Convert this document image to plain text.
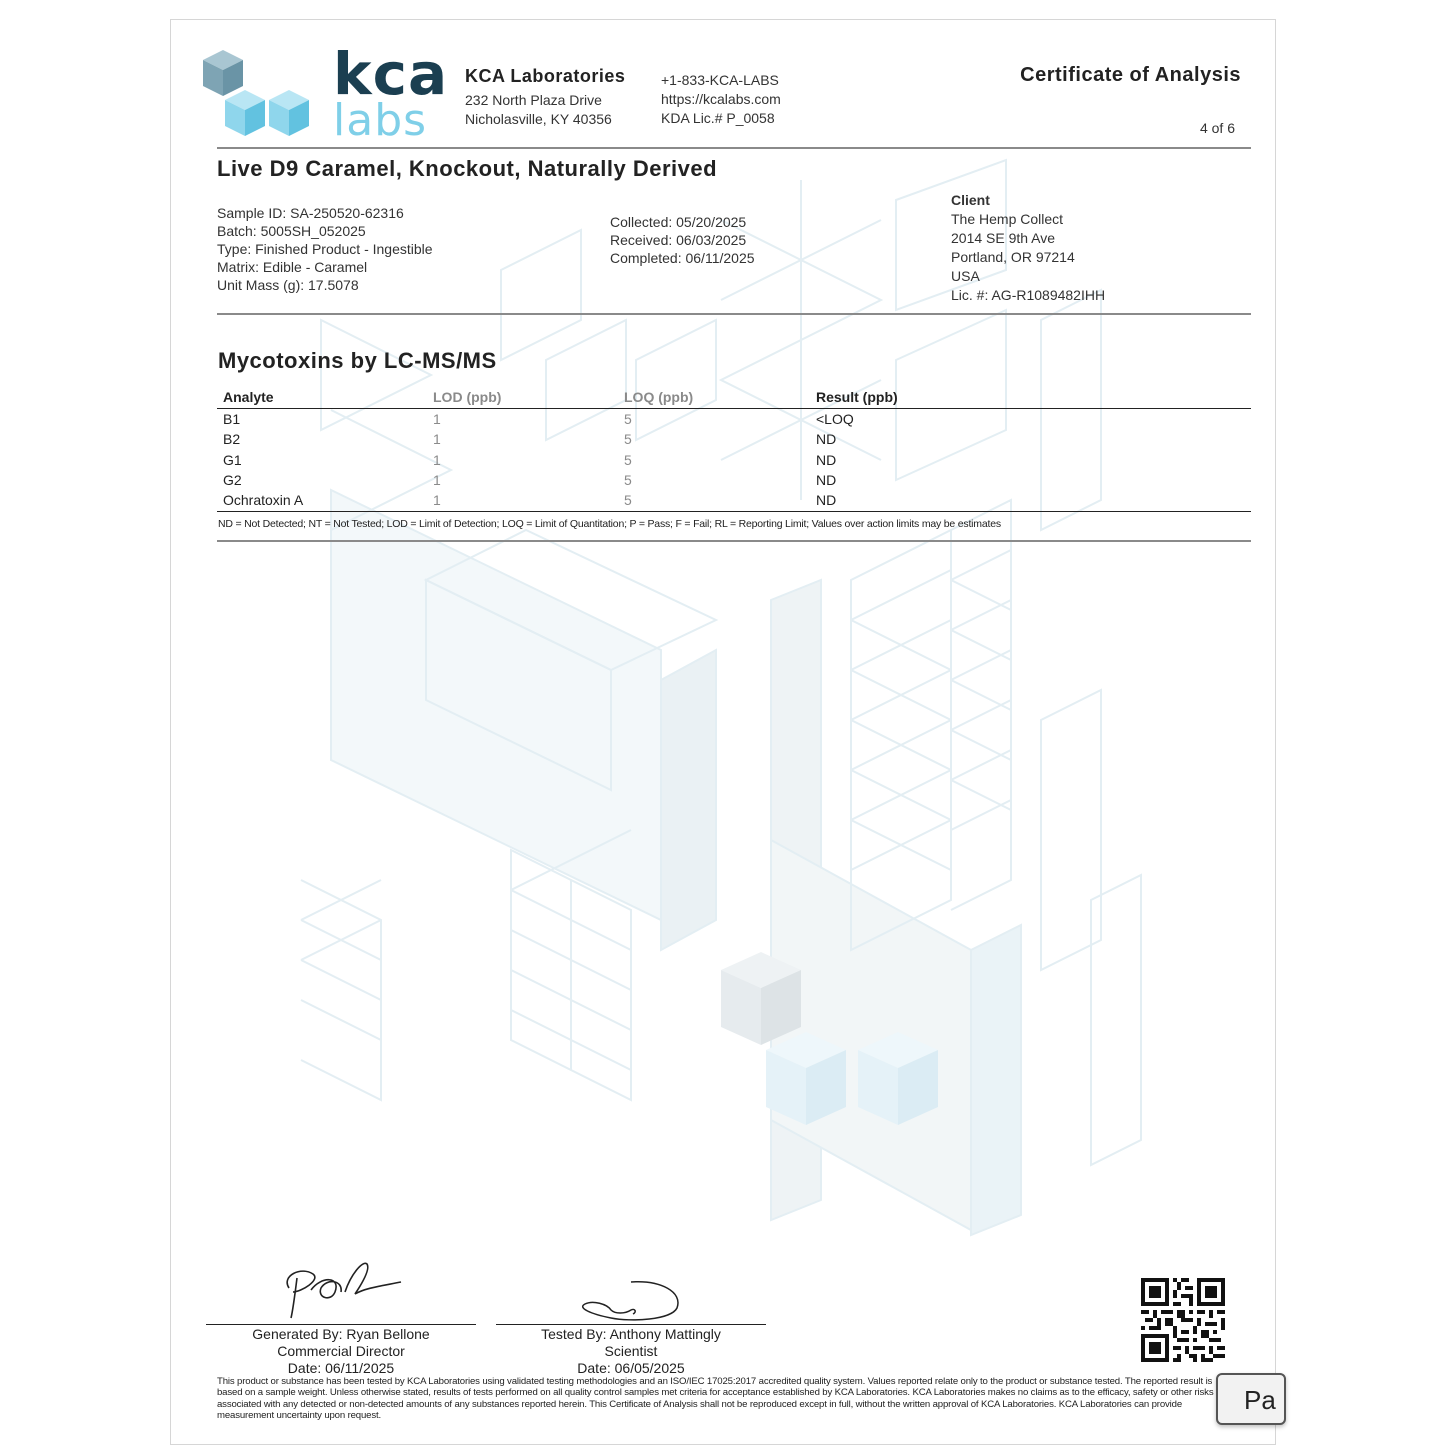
kca
labs
KCA Laboratories
232 North Plaza Drive
Nicholasville, KY 40356
+1-833-KCA-LABS
https://kcalabs.com
KDA Lic.# P_0058
Certificate of Analysis
4 of 6
Live D9 Caramel, Knockout, Naturally Derived
Sample ID: SA-250520-62316
Batch: 5005SH_052025
Type: Finished Product - Ingestible
Matrix: Edible - Caramel
Unit Mass (g): 17.5078
Collected: 05/20/2025
Received: 06/03/2025
Completed: 06/11/2025
Client
The Hemp Collect
2014 SE 9th Ave
Portland, OR 97214
USA
Lic. #: AG-R1089482IHH
Mycotoxins by LC-MS/MS
Analyte	LOD (ppb)	LOQ (ppb)	Result (ppb)
B1	1	5	<LOQ
B2	1	5	ND
G1	1	5	ND
G2	1	5	ND
Ochratoxin A	1	5	ND
ND = Not Detected; NT = Not Tested; LOD = Limit of Detection; LOQ = Limit of Quantitation; P = Pass; F = Fail; RL = Reporting Limit; Values over action limits may be estimates
Generated By: Ryan Bellone
Commercial Director
Date: 06/11/2025
Tested By: Anthony Mattingly
Scientist
Date: 06/05/2025
This product or substance has been tested by KCA Laboratories using validated testing methodologies and an ISO/IEC 17025:2017 accredited quality system. Values reported relate only to the product or substance tested. The reported result is based on a sample weight. Unless otherwise stated, results of tests performed on all quality control samples met criteria for acceptance established by KCA Laboratories. KCA Laboratories makes no claims as to the efficacy, safety or other risks associated with any detected or non-detected amounts of any substances reported herein. This Certificate of Analysis shall not be reproduced except in full, without the written approval of KCA Laboratories. KCA Laboratories can provide measurement uncertainty upon request.
Pa
